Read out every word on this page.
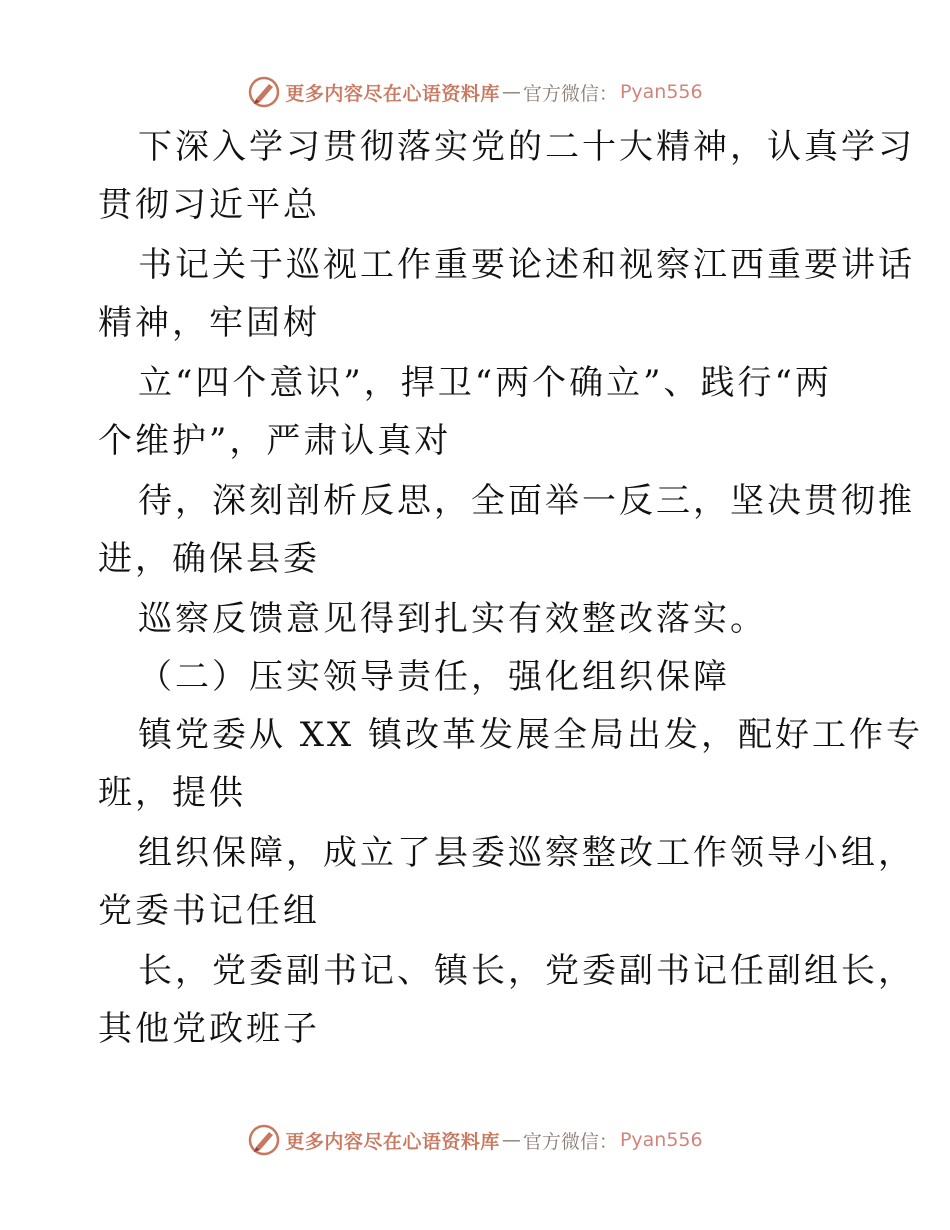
更多内容尽在心语资料库 — 官方微信： Pyan556
下深入学习贯彻落实党的二十大精神，认真学习
贯彻习近平总
书记关于巡视工作重要论述和视察江西重要讲话
精神，牢固树
立“四个意识”，捍卫“两个确立”、践行“两
个维护”，严肃认真对
待，深刻剖析反思，全面举一反三，坚决贯彻推
进，确保县委
巡察反馈意见得到扎实有效整改落实。
（二）压实领导责任，强化组织保障
镇党委从 XX 镇改革发展全局出发，配好工作专
班，提供
组织保障，成立了县委巡察整改工作领导小组，
党委书记任组
长，党委副书记、镇长，党委副书记任副组长，
其他党政班子
更多内容尽在心语资料库 — 官方微信： Pyan556
